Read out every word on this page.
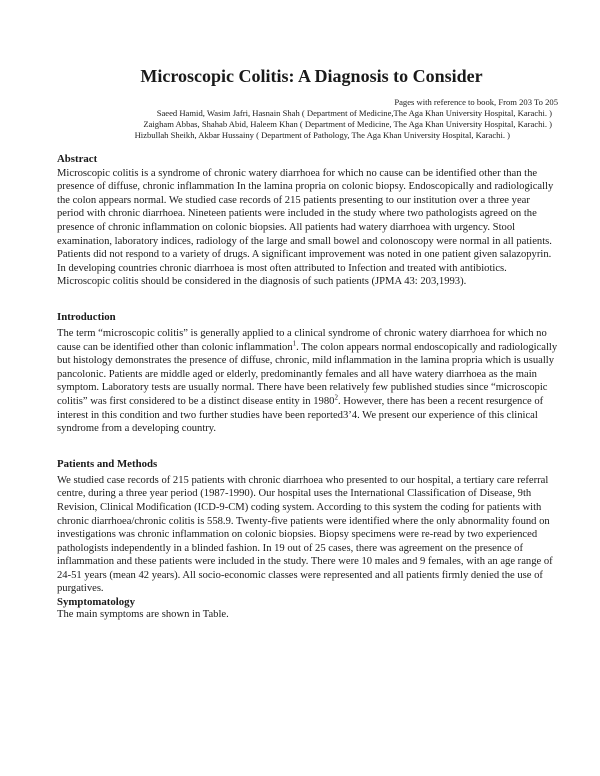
Microscopic Colitis: A Diagnosis to Consider
Pages with reference to book, From 203 To 205
Saeed Hamid, Wasim Jafri, Hasnain Shah ( Department of Medicine,The Aga Khan University Hospital, Karachi. )
Zaigham Abbas, Shahab Abid, Haleem Khan ( Department of Medicine, The Aga Khan University Hospital, Karachi. )
Hizbullah Sheikh, Akbar Hussainy ( Department of Pathology, The Aga Khan University Hospital, Karachi. )
Abstract

Microscopic colitis is a syndrome of chronic watery diarrhoea for which no cause can be identified other than the presence of diffuse, chronic inflammation In the lamina propria on colonic biopsy. Endoscopically and radiologically the colon appears normal. We studied case records of 215 patients presenting to our institution over a three year period with chronic diarrhoea. Nineteen patients were included in the study where two pathologists agreed on the presence of chronic inflammation on colonic biopsies. All patients had watery diarrhoea with urgency. Stool examination, laboratory indices, radiology of the large and small bowel and colonoscopy were normal in all patients. Patients did not respond to a variety of drugs. A significant improvement was noted in one patient given salazopyrin. In developing countries chronic diarrhoea is most often attributed to Infection and treated with antibiotics. Microscopic colitis should be considered in the diagnosis of such patients (JPMA 43: 203,1993).

Introduction

The term “microscopic colitis” is generally applied to a clinical syndrome of chronic watery diarrhoea for which no cause can be identified other than colonic inflammation$^1$. The colon appears normal endoscopically and radiologically but histology demonstrates the presence of diffuse, chronic, mild inflammation in the lamina propria which is usually pancolonic. Patients are middle aged or elderly, predominantly females and all have watery diarrhoea as the main symptom. Laboratory tests are usually normal. There have been relatively few published studies since “microscopic colitis” was first considered to be a distinct disease entity in 1980$^2$. However, there has been a recent resurgence of interest in this condition and two further studies have been reported3’4. We present our experience of this clinical syndrome from a developing country.

Patients and Methods

We studied case records of 215 patients with chronic diarrhoea who presented to our hospital, a tertiary care referral centre, during a three year period (1987-1990). Our hospital uses the International Classification of Disease, 9th Revision, Clinical Modification (ICD-9-CM) coding system. According to this system the coding for patients with chronic diarrhoea/chronic colitis is 558.9. Twenty-five patients were identified where the only abnormality found on investigations was chronic inflammation on colonic biopsies. Biopsy specimens were re-read by two experienced pathologists independently in a blinded fashion. In 19 out of 25 cases, there was agreement on the presence of inflammation and these patients were included in the study. There were 10 males and 9 females, with an age range of 24-51 years (mean 42 years). All socio-economic classes were represented and all patients firmly denied the use of purgatives.

Symptomatology

The main symptoms are shown in Table.
